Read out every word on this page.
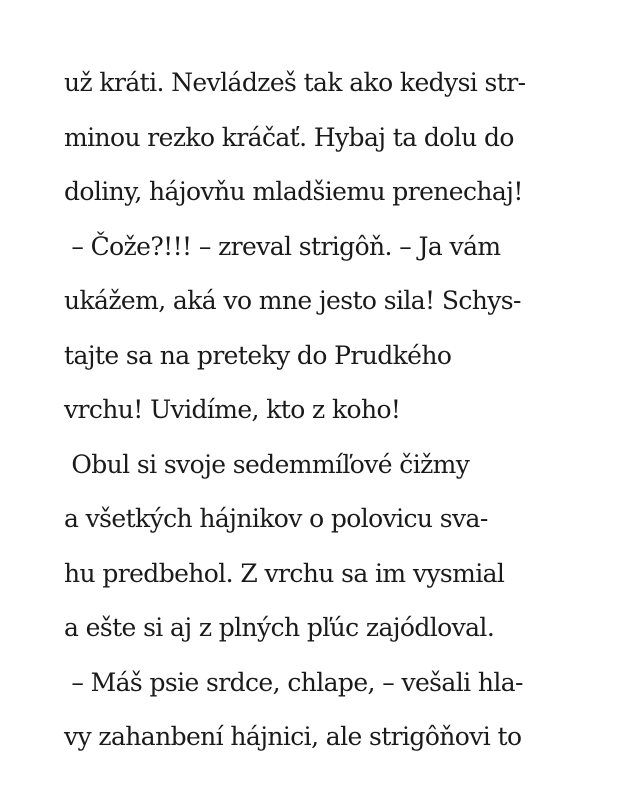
už kráti. Nevládzeš tak ako kedysi str-
minou rezko kráčať. Hybaj ta dolu do
doliny, hájovňu mladšiemu prenechaj!
– Čože?!!! – zreval strigôň. – Ja vám
ukážem, aká vo mne jesto sila! Schys-
tajte sa na preteky do Prudkého
vrchu! Uvidíme, kto z koho!
Obul si svoje sedemmíľové čižmy
a všetkých hájnikov o polovicu sva-
hu predbehol. Z vrchu sa im vysmial
a ešte si aj z plných pľúc zajódloval.
– Máš psie srdce, chlape, – vešali hla-
vy zahanbení hájnici, ale strigôňovi to
